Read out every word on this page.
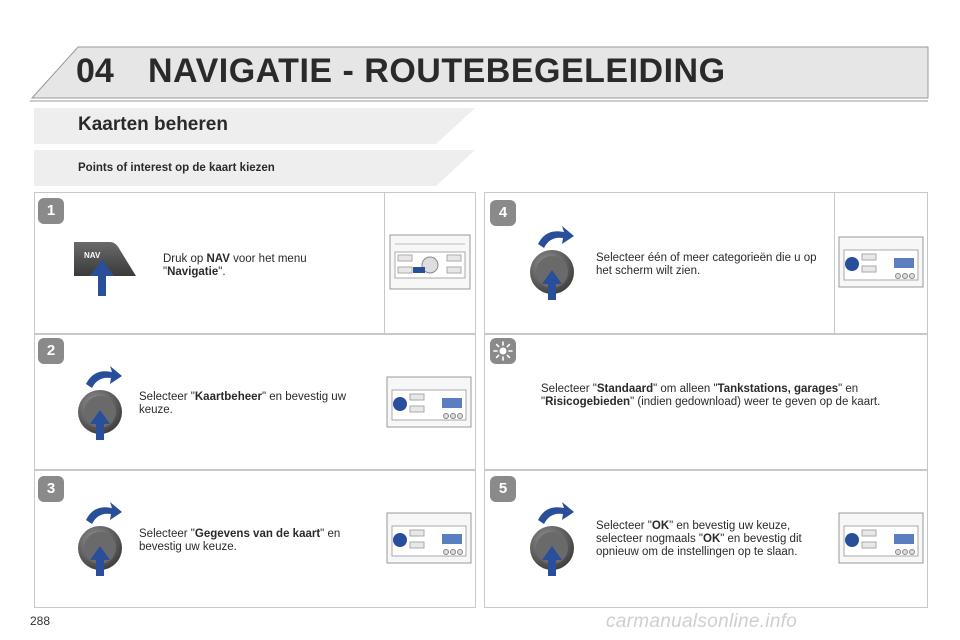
04 NAVIGATIE - ROUTEBEGELEIDING
Kaarten beheren
Points of interest op de kaart kiezen
1
2
3
4
5
NAV	Druk op NAV voor het menu "Navigatie".
Selecteer "Kaartbeheer" en bevestig uw keuze.
Selecteer "Gegevens van de kaart" en bevestig uw keuze.
Selecteer één of meer categorieën die u op het scherm wilt zien.
Selecteer "Standaard" om alleen "Tankstations, garages" en "Risicogebieden" (indien gedownload) weer te geven op de kaart.
Selecteer "OK" en bevestig uw keuze, selecteer nogmaals "OK" en bevestig dit opnieuw om de instellingen op te slaan.
288	carmanualsonline.info
